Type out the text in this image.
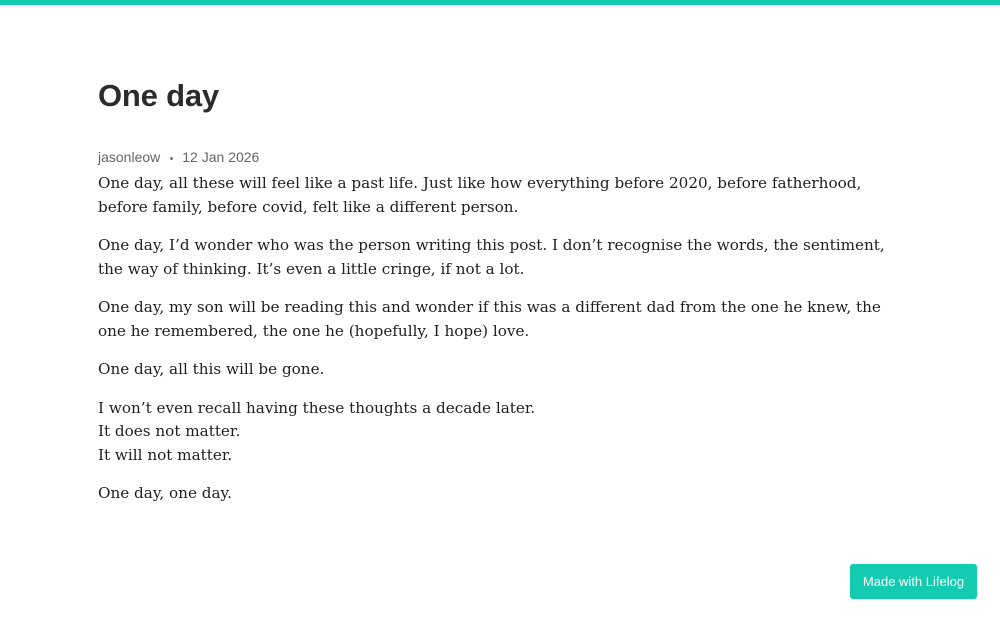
One day
jasonleow 12 Jan 2026

One day, all these will feel like a past life. Just like how everything before 2020, before fatherhood, before family, before covid, felt like a different person.

One day, I’d wonder who was the person writing this post. I don’t recognise the words, the sentiment, the way of thinking. It’s even a little cringe, if not a lot.

One day, my son will be reading this and wonder if this was a different dad from the one he knew, the one he remembered, the one he (hopefully, I hope) love.

One day, all this will be gone.

I won’t even recall having these thoughts a decade later.
It does not matter.
It will not matter.

One day, one day.

Made with Lifelog
